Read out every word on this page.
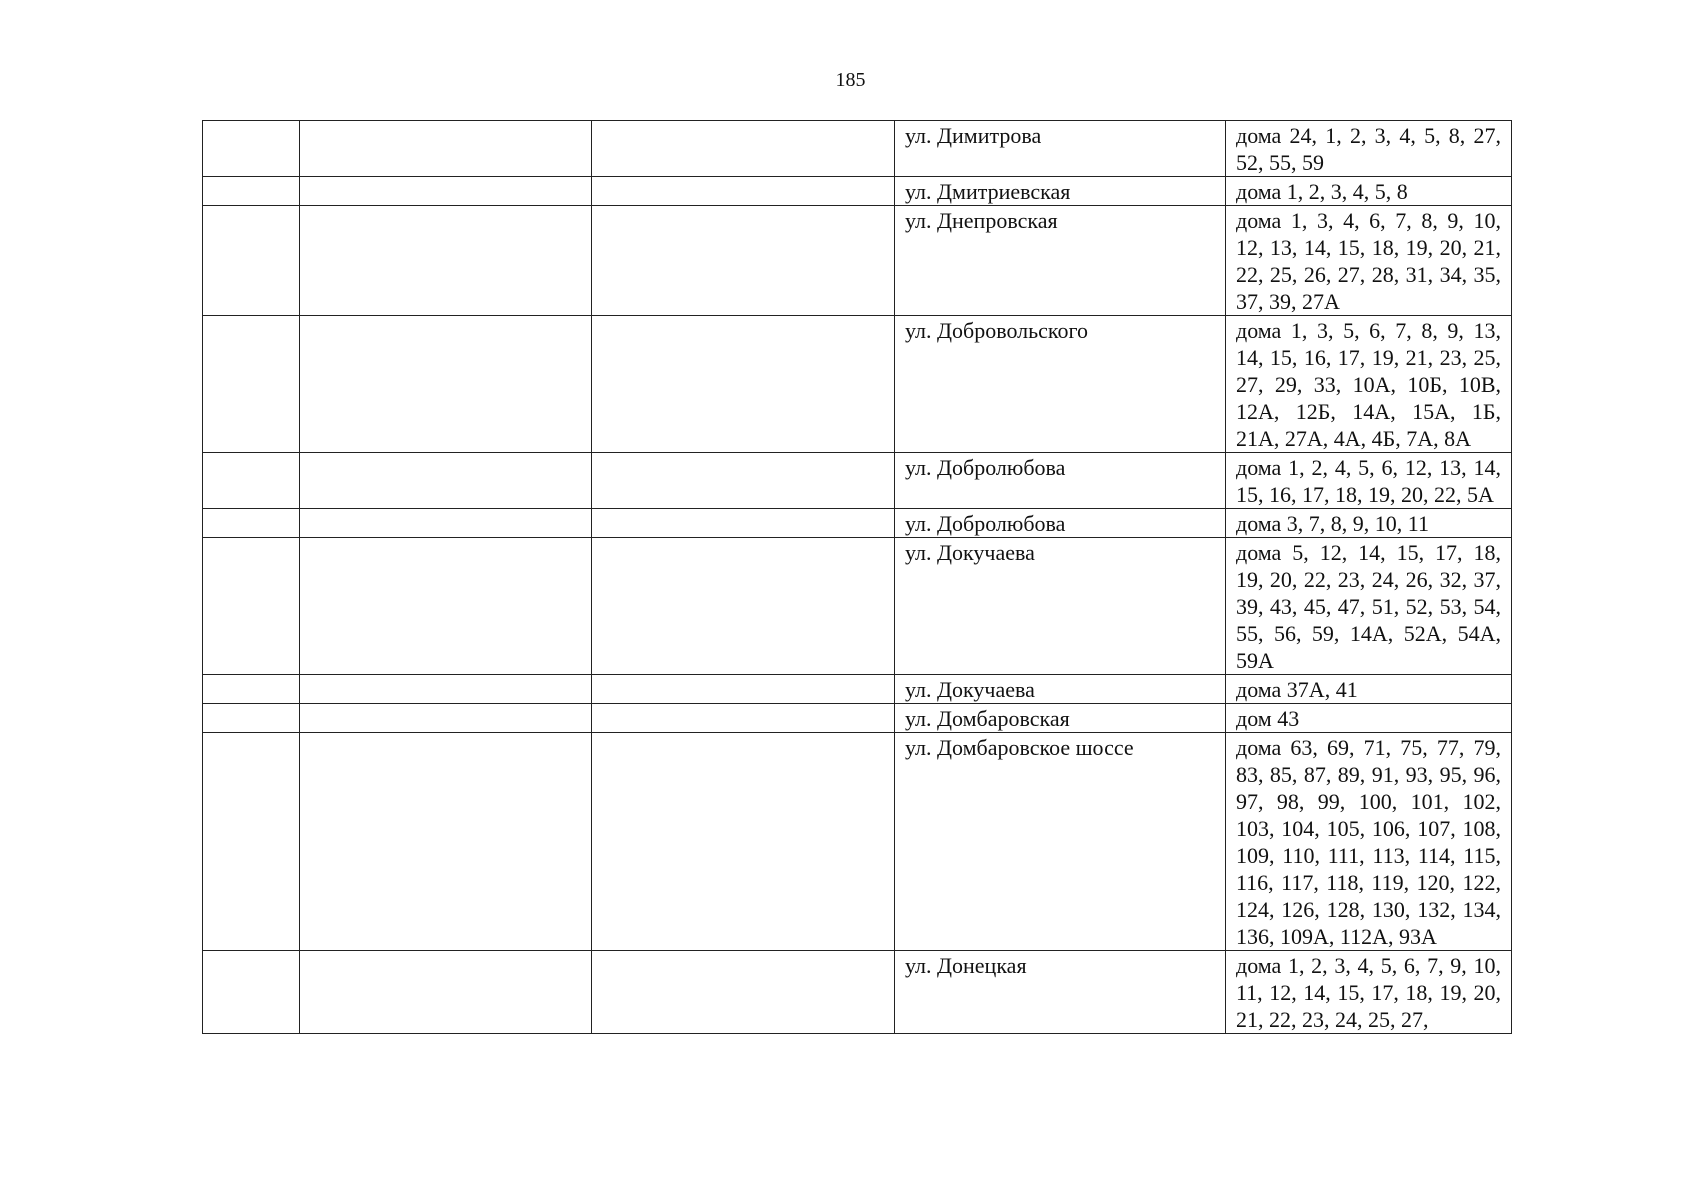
185
			ул. Димитрова	дома 24, 1, 2, 3, 4, 5, 8, 27, 52, 55, 59
			ул. Дмитриевская	дома 1, 2, 3, 4, 5, 8
			ул. Днепровская	дома 1, 3, 4, 6, 7, 8, 9, 10, 12, 13, 14, 15, 18, 19, 20, 21, 22, 25, 26, 27, 28, 31, 34, 35, 37, 39, 27А
			ул. Добровольского	дома 1, 3, 5, 6, 7, 8, 9, 13, 14, 15, 16, 17, 19, 21, 23, 25, 27, 29, 33, 10А, 10Б, 10В, 12А, 12Б, 14А, 15А, 1Б, 21А, 27А, 4А, 4Б, 7А, 8А
			ул. Добролюбова	дома 1, 2, 4, 5, 6, 12, 13, 14, 15, 16, 17, 18, 19, 20, 22, 5А
			ул. Добролюбова	дома 3, 7, 8, 9, 10, 11
			ул. Докучаева	дома 5, 12, 14, 15, 17, 18, 19, 20, 22, 23, 24, 26, 32, 37, 39, 43, 45, 47, 51, 52, 53, 54, 55, 56, 59, 14А, 52А, 54А, 59А
			ул. Докучаева	дома 37А, 41
			ул. Домбаровская	дом 43
			ул. Домбаровское шоссе	дома 63, 69, 71, 75, 77, 79, 83, 85, 87, 89, 91, 93, 95, 96, 97, 98, 99, 100, 101, 102, 103, 104, 105, 106, 107, 108, 109, 110, 111, 113, 114, 115, 116, 117, 118, 119, 120, 122, 124, 126, 128, 130, 132, 134, 136, 109А, 112А, 93А
			ул. Донецкая	дома 1, 2, 3, 4, 5, 6, 7, 9, 10, 11, 12, 14, 15, 17, 18, 19, 20, 21, 22, 23, 24, 25, 27,
